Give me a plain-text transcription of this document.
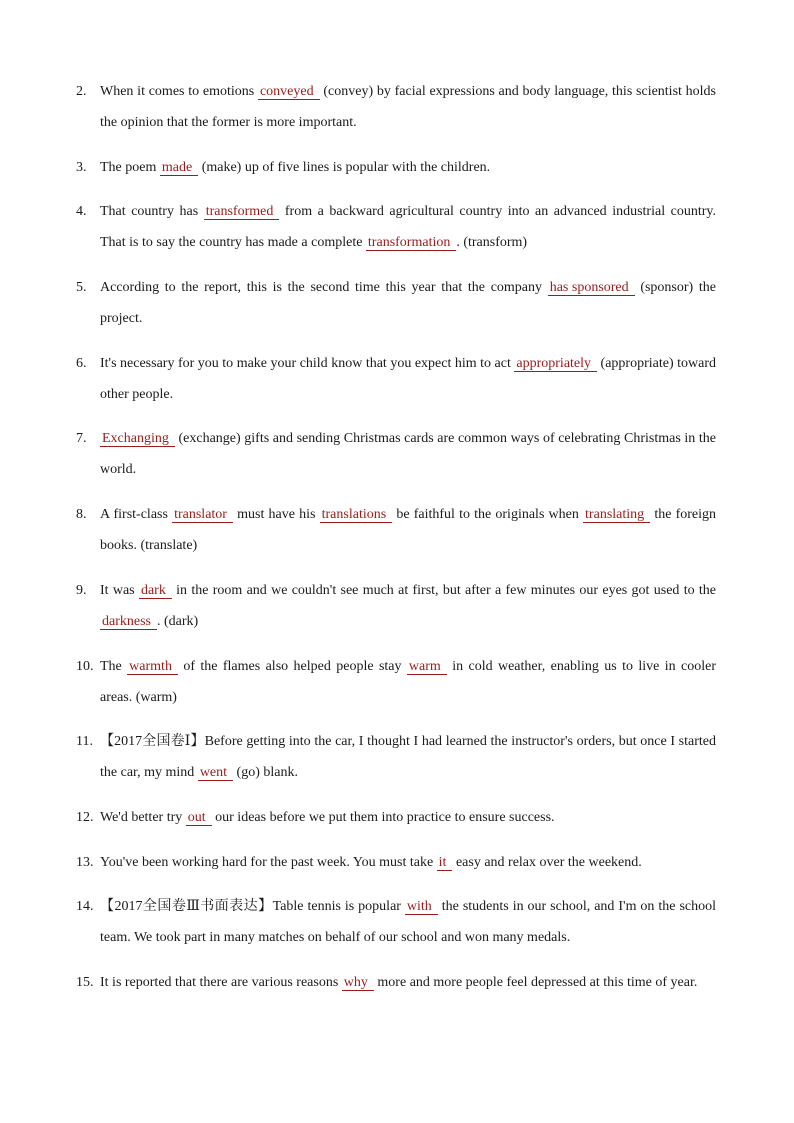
2. When it comes to emotions conveyed (convey) by facial expressions and body language, this scientist holds the opinion that the former is more important.
3. The poem made (make) up of five lines is popular with the children.
4. That country has transformed from a backward agricultural country into an advanced industrial country. That is to say the country has made a complete transformation . (transform)
5. According to the report, this is the second time this year that the company has sponsored (sponsor) the project.
6. It's necessary for you to make your child know that you expect him to act appropriately (appropriate) toward other people.
7.	Exchanging (exchange) gifts and sending Christmas cards are common ways of celebrating Christmas in the world.
8. A first-class translator must have his translations be faithful to the originals when translating the foreign books. (translate)
9. It was dark in the room and we couldn't see much at first, but after a few minutes our eyes got used to the darkness . (dark)
10. The warmth of the flames also helped people stay warm in cold weather, enabling us to live in cooler areas. (warm)
11. 【2017全国卷Ⅰ】Before getting into the car, I thought I had learned the instructor's orders, but once I started the car, my mind went (go) blank.
12. We'd better try out our ideas before we put them into practice to ensure success.
13. You've been working hard for the past week. You must take it easy and relax over the weekend.
14. 【2017全国卷Ⅲ书面表达】Table tennis is popular with the students in our school, and I'm on the school team. We took part in many matches on behalf of our school and won many medals.
15. It is reported that there are various reasons why more and more people feel depressed at this time of year.
